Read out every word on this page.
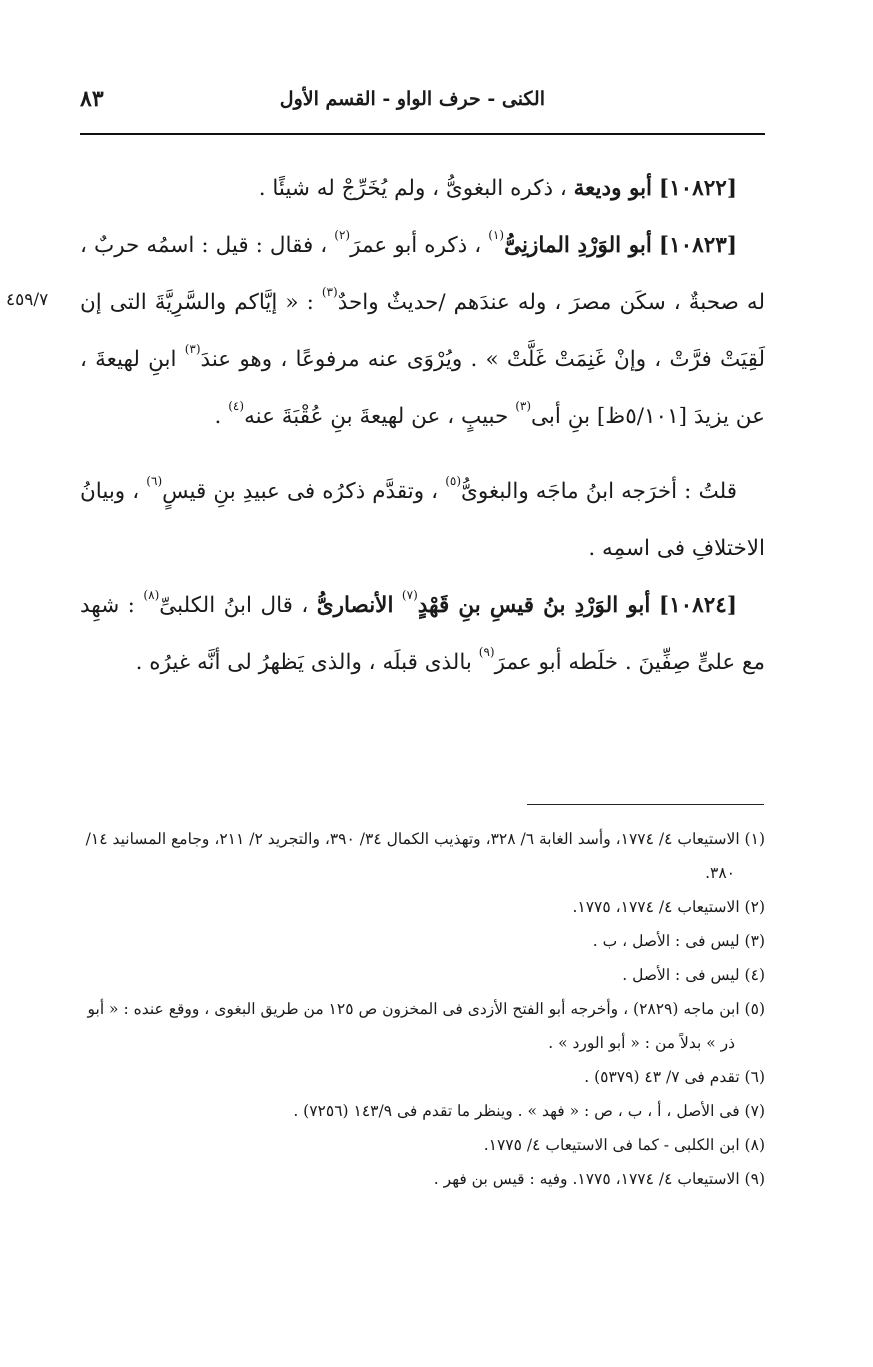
الكنى - حرف الواو - القسم الأول
٨٣
٤٥٩/٧

[١٠٨٢٢] أبو وديعة ، ذكره البغوىُّ ، ولم يُخَرِّجْ له شيئًا .

[١٠٨٢٣] أبو الوَرْدِ المازنِىُّ$^{(١)}$ ، ذكره أبو عمرَ$^{(٢)}$ ، فقال : قيل : اسمُه حربٌ ، له صحبةٌ ، سكَن مصرَ ، وله عندَهم /حديثٌ واحدٌ$^{(٣)}$ : « إيَّاكم والسَّرِيَّةَ التى إن لَقِيَتْ فرَّتْ ، وإنْ غَنِمَتْ غَلَّتْ » . ويُرْوَى عنه مرفوعًا ، وهو عندَ$^{(٣)}$ ابنِ لهيعةَ ، عن يزيدَ [٥/١٠١ظ] بنِ أبى$^{(٣)}$ حبيبٍ ، عن لهيعةَ بنِ عُقْبَةَ عنه$^{(٤)}$ .

قلتُ : أخرَجه ابنُ ماجَه والبغوىُّ$^{(٥)}$ ، وتقدَّم ذكرُه فى عبيدِ بنِ قيسٍ$^{(٦)}$ ، وبيانُ الاختلافِ فى اسمِه .

[١٠٨٢٤] أبو الوَرْدِ بنُ قيسِ بنِ قَهْدٍ$^{(٧)}$ الأنصارىُّ ، قال ابنُ الكلبىِّ$^{(٨)}$ : شهِد مع علىٍّ صِفِّينَ . خلَطه أبو عمرَ$^{(٩)}$ بالذى قبلَه ، والذى يَظهرُ لى أنَّه غيرُه .

(١) الاستيعاب ٤/ ١٧٧٤، وأسد الغابة ٦/ ٣٢٨، وتهذيب الكمال ٣٤/ ٣٩٠، والتجريد ٢/ ٢١١، وجامع المسانيد ١٤/ ٣٨٠.

(٢) الاستيعاب ٤/ ١٧٧٤، ١٧٧٥.

(٣) ليس فى : الأصل ، ب .

(٤) ليس فى : الأصل .

(٥) ابن ماجه (٢٨٢٩) ، وأخرجه أبو الفتح الأزدى فى المخزون ص ١٢٥ من طريق البغوى ، ووقع عنده : « أبو ذر » بدلاً من : « أبو الورد » .

(٦) تقدم فى ٧/ ٤٣ (٥٣٧٩) .

(٧) فى الأصل ، أ ، ب ، ص : « فهد » . وينظر ما تقدم فى ١٤٣/٩ (٧٢٥٦) .

(٨) ابن الكلبى - كما فى الاستيعاب ٤/ ١٧٧٥.

(٩) الاستيعاب ٤/ ١٧٧٤، ١٧٧٥. وفيه : قيس بن فهر .
